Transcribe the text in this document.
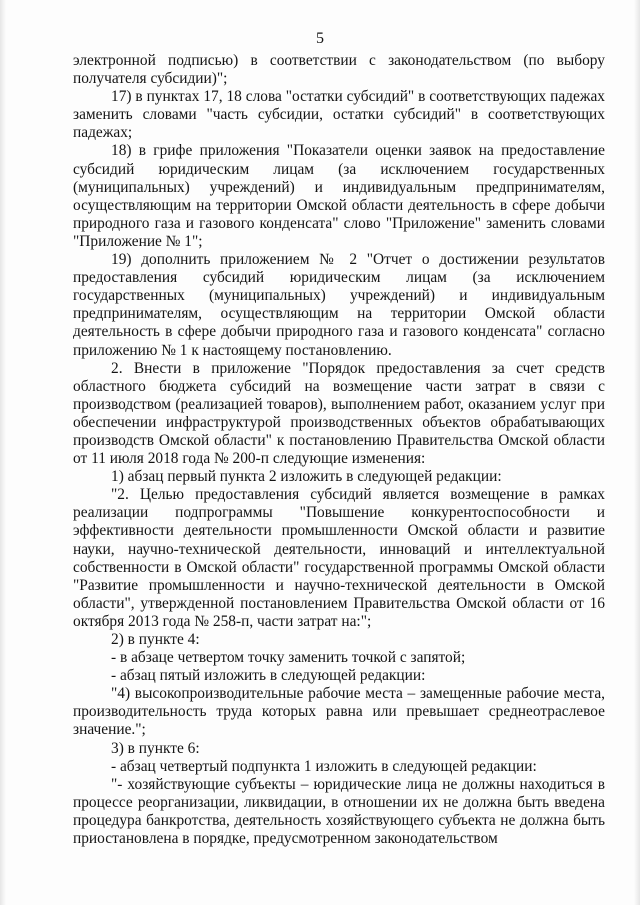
5

электронной подписью) в соответствии с законодательством (по выбору получателя субсидии)";

17) в пунктах 17, 18 слова "остатки субсидий" в соответствующих падежах заменить словами "часть субсидии, остатки субсидий" в соответствующих падежах;

18) в грифе приложения "Показатели оценки заявок на предоставление субсидий юридическим лицам (за исключением государственных (муниципальных) учреждений) и индивидуальным предпринимателям, осуществляющим на территории Омской области деятельность в сфере добычи природного газа и газового конденсата" слово "Приложение" заменить словами "Приложение № 1";

19) дополнить приложением № 2 "Отчет о достижении результатов предоставления субсидий юридическим лицам (за исключением государственных (муниципальных) учреждений) и индивидуальным предпринимателям, осуществляющим на территории Омской области деятельность в сфере добычи природного газа и газового конденсата" согласно приложению № 1 к настоящему постановлению.

2. Внести в приложение "Порядок предоставления за счет средств областного бюджета субсидий на возмещение части затрат в связи с производством (реализацией товаров), выполнением работ, оказанием услуг при обеспечении инфраструктурой производственных объектов обрабатывающих производств Омской области" к постановлению Правительства Омской области от 11 июля 2018 года № 200-п следующие изменения:

1) абзац первый пункта 2 изложить в следующей редакции:

"2. Целью предоставления субсидий является возмещение в рамках реализации подпрограммы "Повышение конкурентоспособности и эффективности деятельности промышленности Омской области и развитие науки, научно-технической деятельности, инноваций и интеллектуальной собственности в Омской области" государственной программы Омской области "Развитие промышленности и научно-технической деятельности в Омской области", утвержденной постановлением Правительства Омской области от 16 октября 2013 года № 258-п, части затрат на:";

2) в пункте 4:

- в абзаце четвертом точку заменить точкой с запятой;

- абзац пятый изложить в следующей редакции:

"4) высокопроизводительные рабочие места – замещенные рабочие места, производительность труда которых равна или превышает среднеотраслевое значение.";

3) в пункте 6:

- абзац четвертый подпункта 1 изложить в следующей редакции:

"- хозяйствующие субъекты – юридические лица не должны находиться в процессе реорганизации, ликвидации, в отношении их не должна быть введена процедура банкротства, деятельность хозяйствующего субъекта не должна быть приостановлена в порядке, предусмотренном законодательством
